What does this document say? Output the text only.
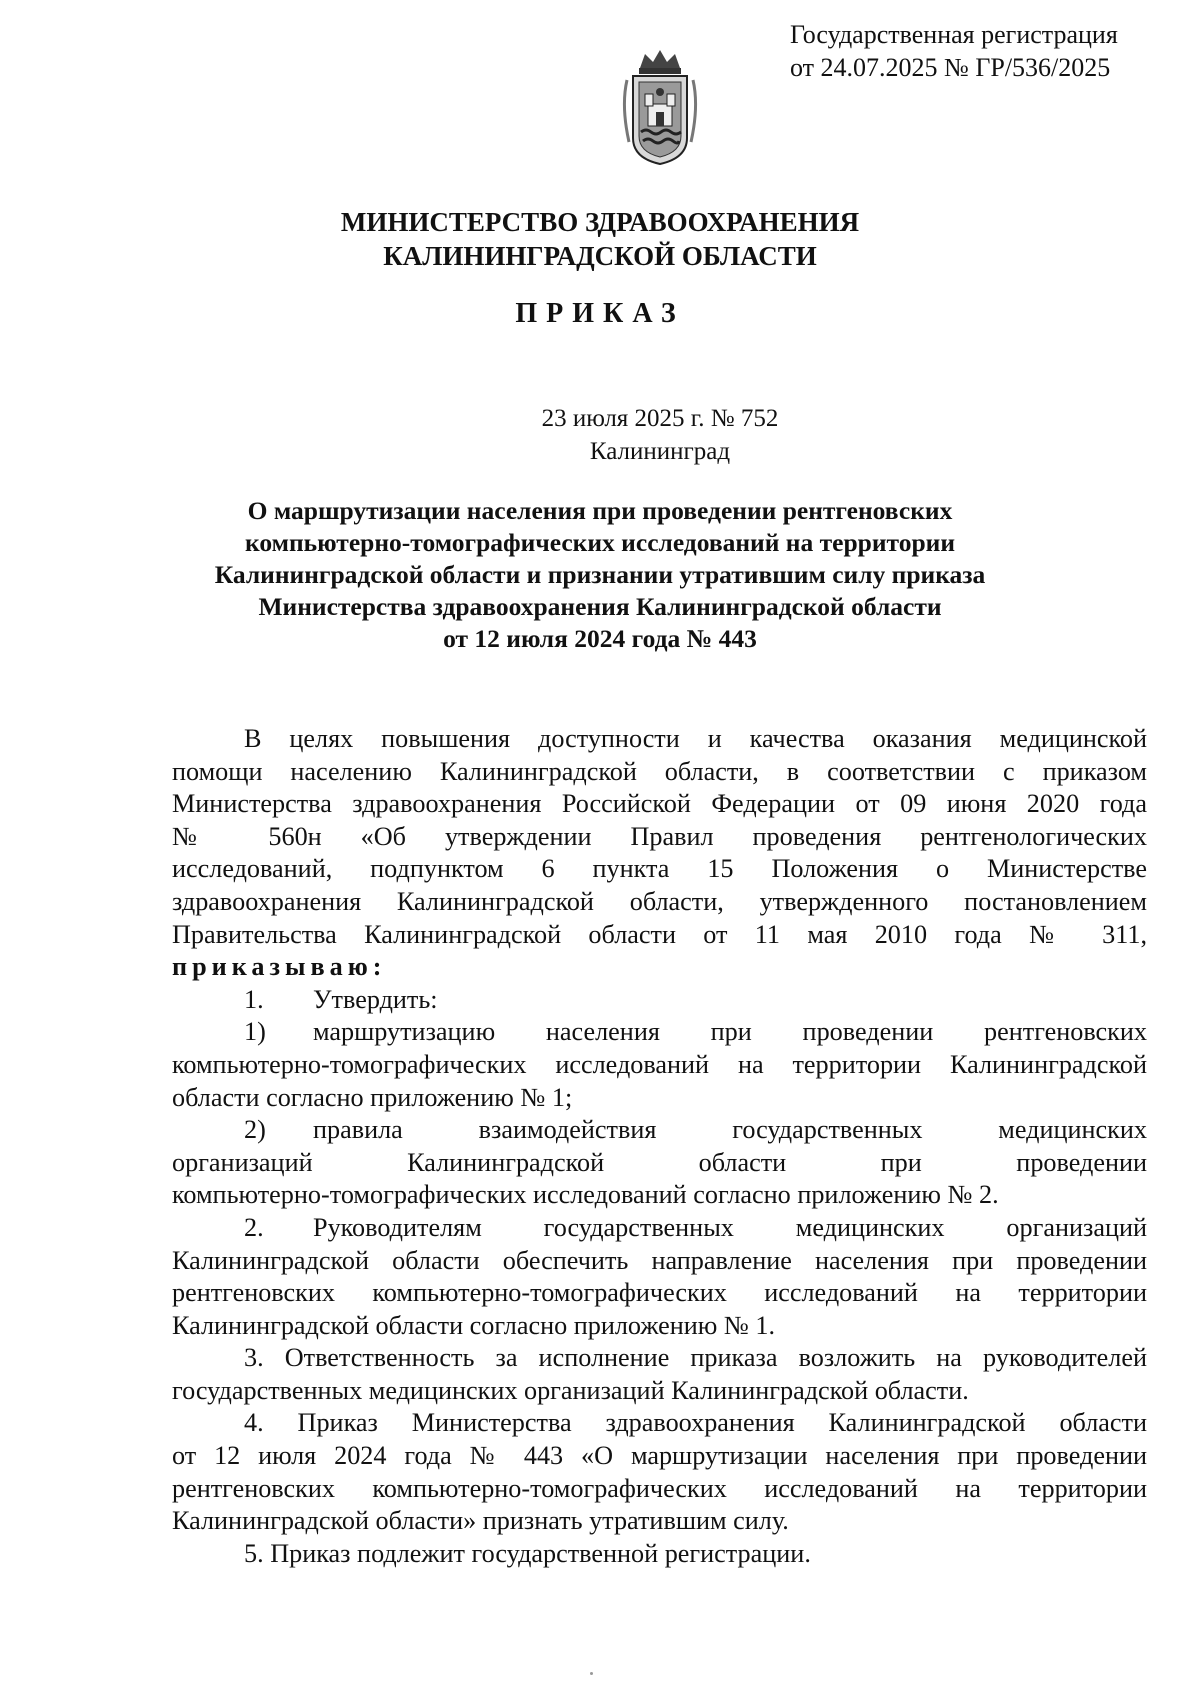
Государственная регистрация
от 24.07.2025 № ГР/536/2025
МИНИСТЕРСТВО ЗДРАВООХРАНЕНИЯ
КАЛИНИНГРАДСКОЙ ОБЛАСТИ
ПРИКАЗ
23 июля 2025 г. № 752
Калининград
О маршрутизации населения при проведении рентгеновских
компьютерно-томографических исследований на территории
Калининградской области и признании утратившим силу приказа
Министерства здравоохранения Калининградской области
от 12 июля 2024 года № 443
В целях повышения доступности и качества оказания медицинской
помощи населению Калининградской области, в соответствии с приказом
Министерства здравоохранения Российской Федерации от 09 июня 2020 года
№ 560н «Об утверждении Правил проведения рентгенологических
исследований, подпунктом 6 пункта 15 Положения о Министерстве
здравоохранения Калининградской области, утвержденного постановлением
Правительства Калининградской области от 11 мая 2010 года № 311,
приказываю:
1. Утвердить:
1) маршрутизацию населения при проведении рентгеновских
компьютерно-томографических исследований на территории Калининградской
области согласно приложению № 1;
2) правила взаимодействия государственных медицинских
организаций Калининградской области при проведении
компьютерно-томографических исследований согласно приложению № 2.
2. Руководителям государственных медицинских организаций
Калининградской области обеспечить направление населения при проведении
рентгеновских компьютерно-томографических исследований на территории
Калининградской области согласно приложению № 1.
3. Ответственность за исполнение приказа возложить на руководителей
государственных медицинских организаций Калининградской области.
4. Приказ Министерства здравоохранения Калининградской области
от 12 июля 2024 года № 443 «О маршрутизации населения при проведении
рентгеновских компьютерно-томографических исследований на территории
Калининградской области» признать утратившим силу.
5. Приказ подлежит государственной регистрации.
